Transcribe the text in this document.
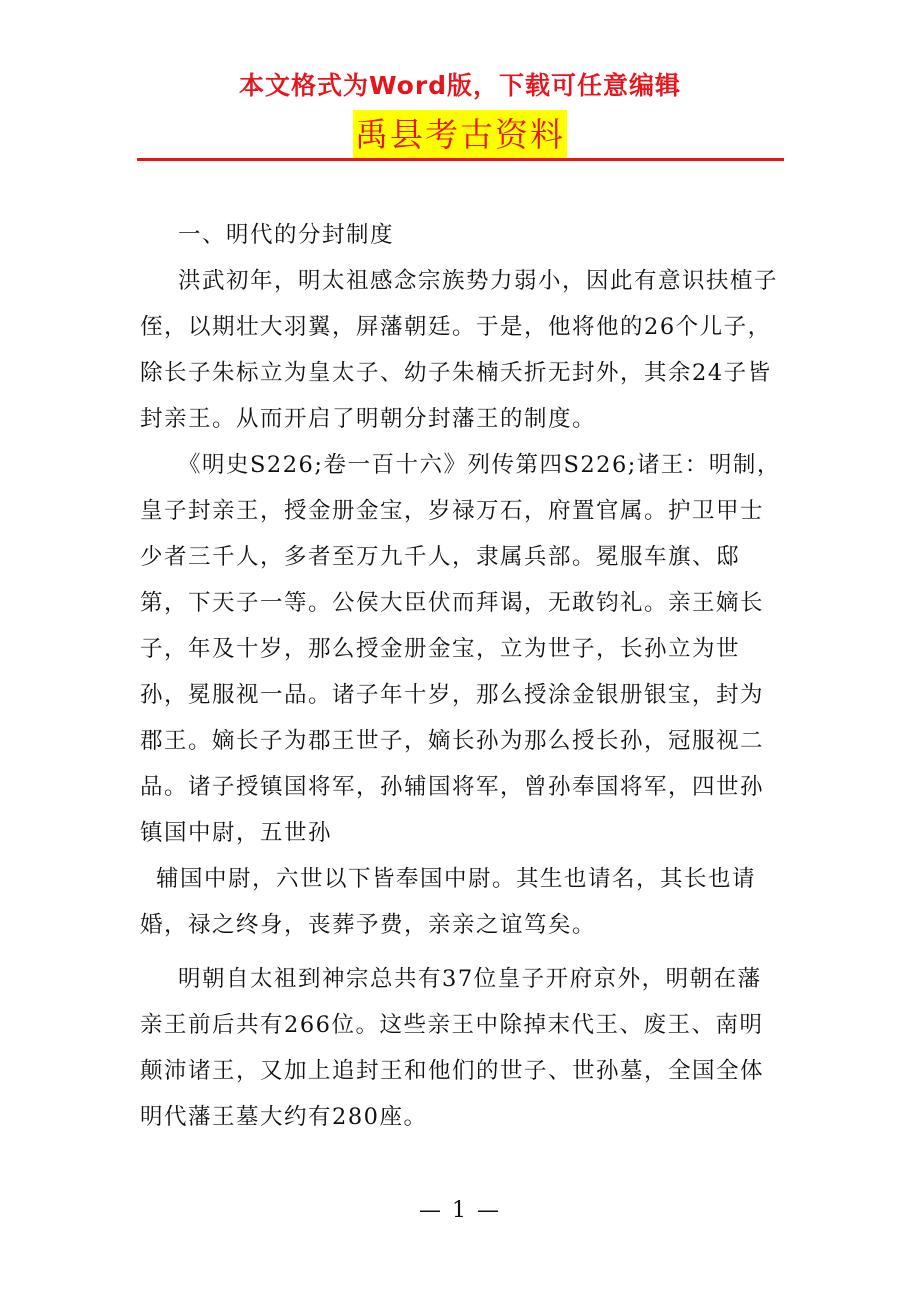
本文格式为Word版，下载可任意编辑
禹县考古资料

一、明代的分封制度

洪武初年，明太祖感念宗族势力弱小，因此有意识扶植子侄，以期壮大羽翼，屏藩朝廷。于是，他将他的26个儿子，除长子朱标立为皇太子、幼子朱楠夭折无封外，其余24子皆封亲王。从而开启了明朝分封藩王的制度。

《明史S226;卷一百十六》列传第四S226;诸王：明制，皇子封亲王，授金册金宝，岁禄万石，府置官属。护卫甲士少者三千人，多者至万九千人，隶属兵部。冕服车旗、邸第，下天子一等。公侯大臣伏而拜谒，无敢钧礼。亲王嫡长子，年及十岁，那么授金册金宝，立为世子，长孙立为世孙，冕服视一品。诸子年十岁，那么授涂金银册银宝，封为郡王。嫡长子为郡王世子，嫡长孙为那么授长孙，冠服视二品。诸子授镇国将军，孙辅国将军，曾孙奉国将军，四世孙镇国中尉，五世孙

辅国中尉，六世以下皆奉国中尉。其生也请名，其长也请婚，禄之终身，丧葬予费，亲亲之谊笃矣。

明朝自太祖到神宗总共有37位皇子开府京外，明朝在藩亲王前后共有266位。这些亲王中除掉末代王、废王、南明颠沛诸王，又加上追封王和他们的世子、世孙墓，全国全体明代藩王墓大约有280座。

— 1 —
